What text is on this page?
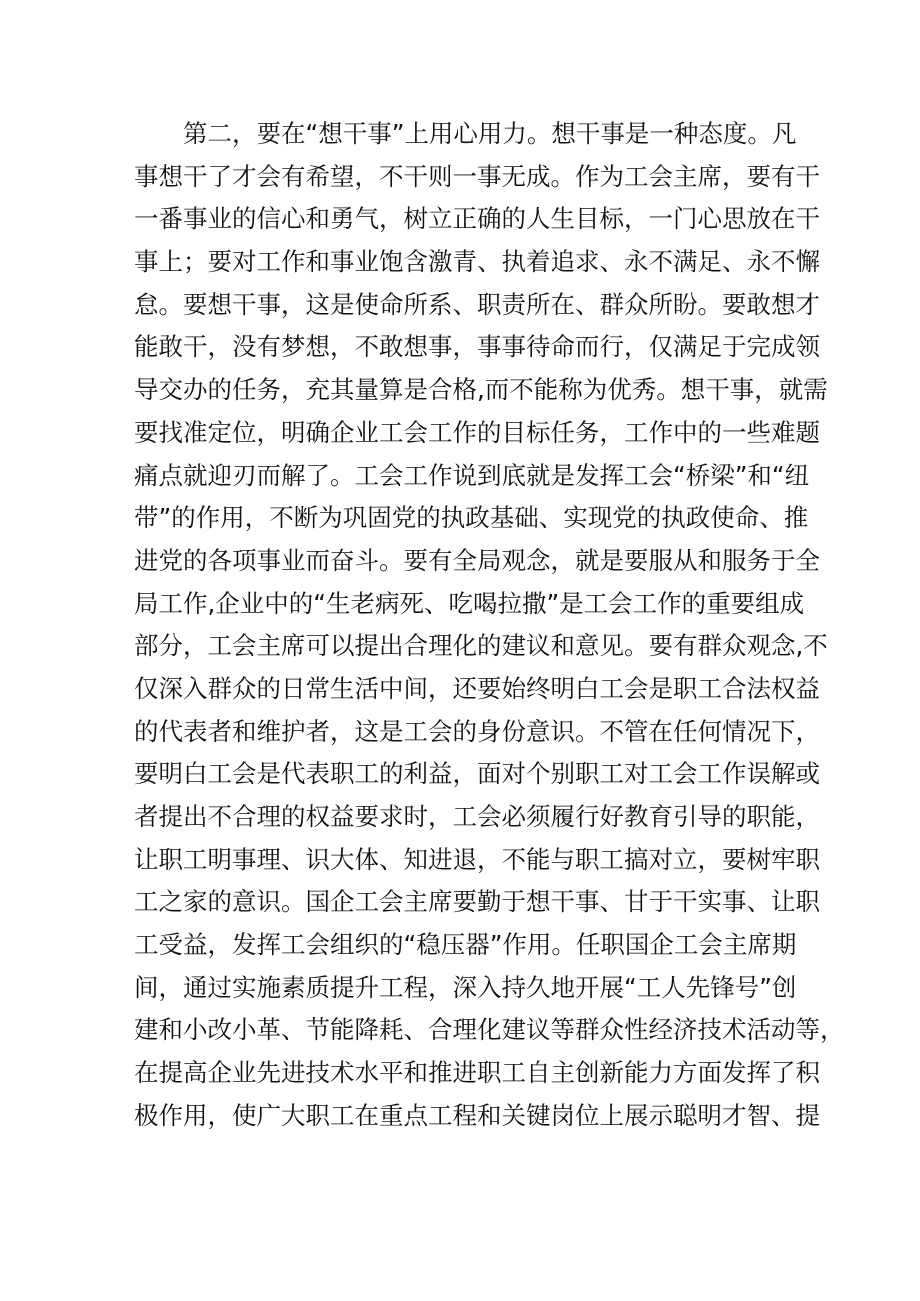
第二，要在“想干事”上用心用力。想干事是一种态度。凡
事想干了才会有希望，不干则一事无成。作为工会主席，要有干
一番事业的信心和勇气，树立正确的人生目标，一门心思放在干
事上；要对工作和事业饱含激青、执着追求、永不满足、永不懈
怠。要想干事，这是使命所系、职责所在、群众所盼。要敢想才
能敢干，没有梦想，不敢想事，事事待命而行，仅满足于完成领
导交办的任务，充其量算是合格,而不能称为优秀。想干事，就需
要找准定位，明确企业工会工作的目标任务，工作中的一些难题
痛点就迎刃而解了。工会工作说到底就是发挥工会“桥梁”和“纽
带”的作用，不断为巩固党的执政基础、实现党的执政使命、推
进党的各项事业而奋斗。要有全局观念，就是要服从和服务于全
局工作,企业中的“生老病死、吃喝拉撒”是工会工作的重要组成
部分，工会主席可以提出合理化的建议和意见。要有群众观念,不
仅深入群众的日常生活中间，还要始终明白工会是职工合法权益
的代表者和维护者，这是工会的身份意识。不管在任何情况下，
要明白工会是代表职工的利益，面对个别职工对工会工作误解或
者提出不合理的权益要求时，工会必须履行好教育引导的职能，
让职工明事理、识大体、知进退，不能与职工搞对立，要树牢职
工之家的意识。国企工会主席要勤于想干事、甘于干实事、让职
工受益，发挥工会组织的“稳压器”作用。任职国企工会主席期
间，通过实施素质提升工程，深入持久地开展“工人先锋号”创
建和小改小革、节能降耗、合理化建议等群众性经济技术活动等，
在提高企业先进技术水平和推进职工自主创新能力方面发挥了积
极作用，使广大职工在重点工程和关键岗位上展示聪明才智、提
